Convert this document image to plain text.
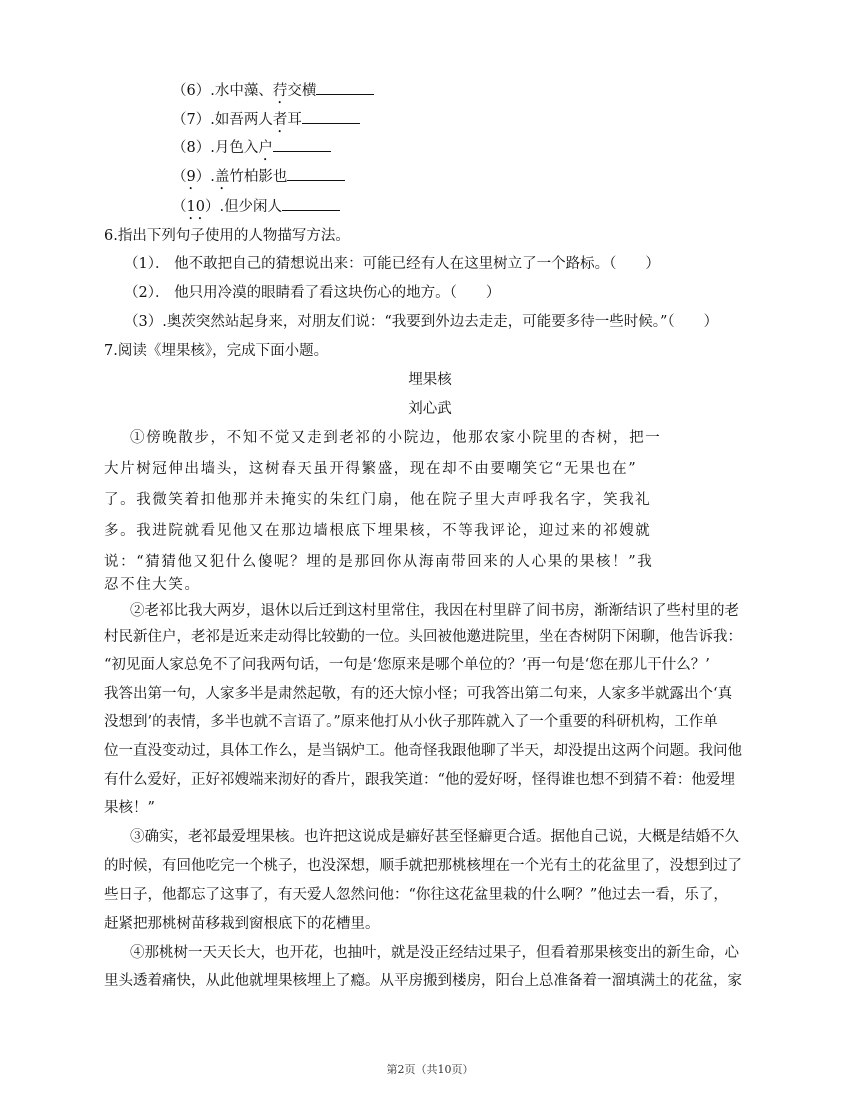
（6）.水中藻、荇交横
（7）.如吾两人者耳
（8）.月色入户
（9）.盖竹柏影也
（10）.但少闲人
6.指出下列句子使用的人物描写方法。
（1）． 他不敢把自己的猜想说出来：可能已经有人在这里树立了一个路标。（　　）
（2）． 他只用冷漠的眼睛看了看这块伤心的地方。（　　）
（3）.奥茨突然站起身来，对朋友们说：“我要到外边去走走，可能要多待一些时候。”（　　）
7.阅读《埋果核》，完成下面小题。
埋果核
刘心武
①傍晚散步，不知不觉又走到老祁的小院边，他那农家小院里的杏树，把一
大片树冠伸出墙头，这树春天虽开得繁盛，现在却不由要嘲笑它“无果也在”
了。我微笑着扣他那并未掩实的朱红门扇，他在院子里大声呼我名字，笑我礼
多。我进院就看见他又在那边墙根底下埋果核，不等我评论，迎过来的祁嫂就
说：“猜猜他又犯什么傻呢？埋的是那回你从海南带回来的人心果的果核！”我
忍不住大笑。
②老祁比我大两岁，退休以后迁到这村里常住，我因在村里辟了间书房，渐渐结识了些村里的老
村民新住户，老祁是近来走动得比较勤的一位。头回被他邀进院里，坐在杏树阴下闲聊，他告诉我：
“初见面人家总免不了问我两句话，一句是‘您原来是哪个单位的？’再一句是‘您在那儿干什么？’
我答出第一句，人家多半是肃然起敬，有的还大惊小怪；可我答出第二句来，人家多半就露出个‘真
没想到’的表情，多半也就不言语了。”原来他打从小伙子那阵就入了一个重要的科研机构，工作单
位一直没变动过，具体工作么，是当锅炉工。他奇怪我跟他聊了半天，却没提出这两个问题。我问他
有什么爱好，正好祁嫂端来沏好的香片，跟我笑道：“他的爱好呀，怪得谁也想不到猜不着：他爱埋
果核！”
③确实，老祁最爱埋果核。也许把这说成是癖好甚至怪癖更合适。据他自己说，大概是结婚不久
的时候，有回他吃完一个桃子，也没深想，顺手就把那桃核埋在一个光有土的花盆里了，没想到过了
些日子，他都忘了这事了，有天爱人忽然问他：“你往这花盆里栽的什么啊？”他过去一看，乐了，
赶紧把那桃树苗移栽到窗根底下的花槽里。
④那桃树一天天长大，也开花，也抽叶，就是没正经结过果子，但看着那果核变出的新生命，心
里头透着痛快，从此他就埋果核埋上了瘾。从平房搬到楼房，阳台上总准备着一溜填满土的花盆，家
第2页（共10页）
